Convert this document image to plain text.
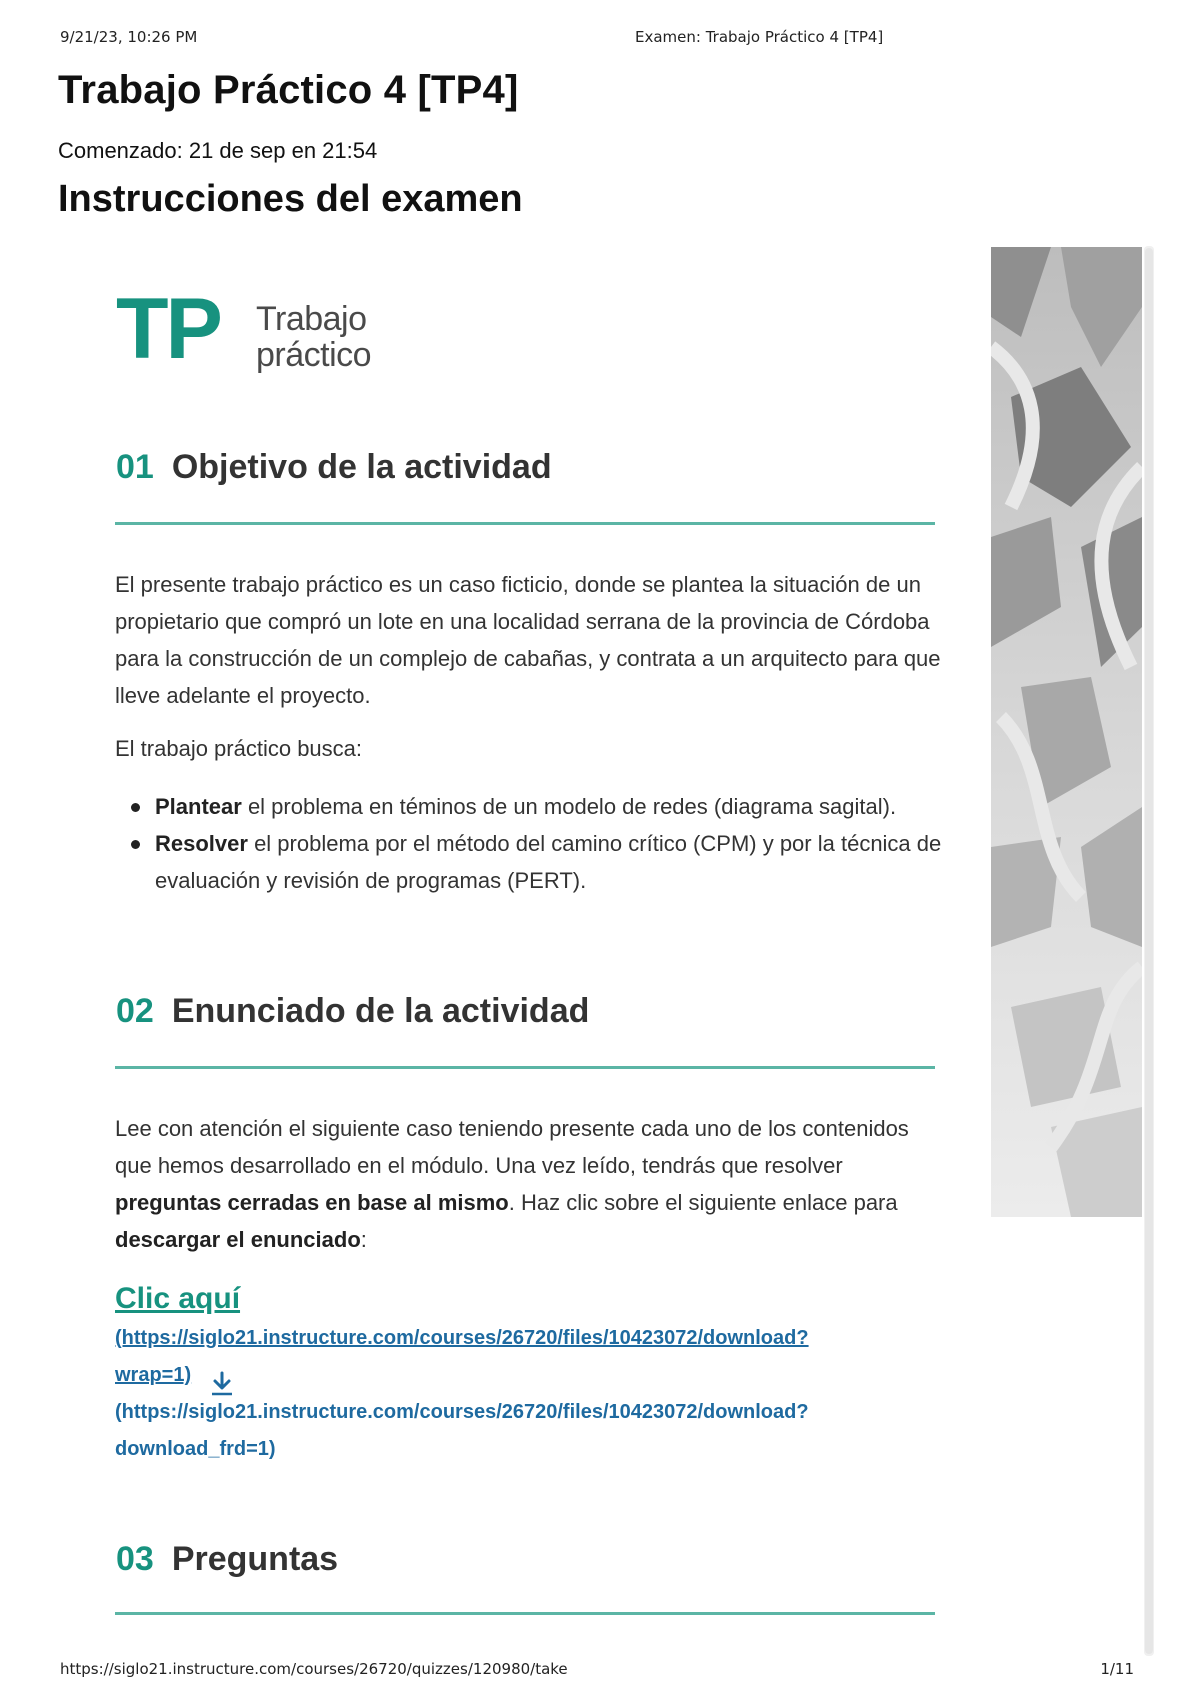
9/21/23, 10:26 PM	Examen: Trabajo Práctico 4 [TP4]
Trabajo Práctico 4 [TP4]
Comenzado: 21 de sep en 21:54
Instrucciones del examen
TP Trabajo
práctico
01 Objetivo de la actividad

El presente trabajo práctico es un caso ficticio, donde se plantea la situación de un propietario que compró un lote en una localidad serrana de la provincia de Córdoba para la construcción de un complejo de cabañas, y contrata a un arquitecto para que lleve adelante el proyecto.

El trabajo práctico busca:

Plantear el problema en téminos de un modelo de redes (diagrama sagital).
Resolver el problema por el método del camino crítico (CPM) y por la técnica de evaluación y revisión de programas (PERT).
02 Enunciado de la actividad

Lee con atención el siguiente caso teniendo presente cada uno de los contenidos que hemos desarrollado en el módulo. Una vez leído, tendrás que resolver preguntas cerradas en base al mismo. Haz clic sobre el siguiente enlace para descargar el enunciado:

Clic aquí
(https://siglo21.instructure.com/courses/26720/files/10423072/download?
wrap=1)
(https://siglo21.instructure.com/courses/26720/files/10423072/download?
download_frd=1)
03 Preguntas
https://siglo21.instructure.com/courses/26720/quizzes/120980/take	1/11
